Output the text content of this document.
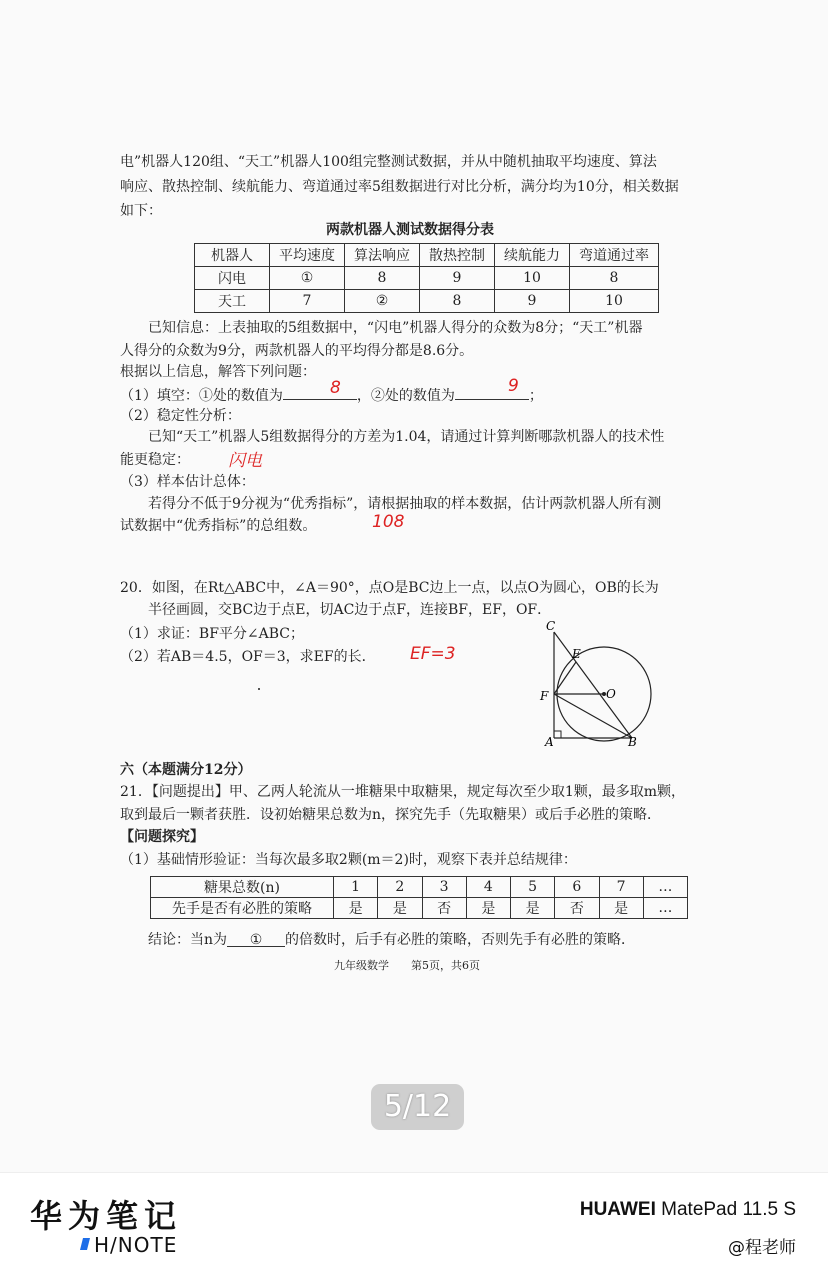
电”机器人120组、“天工”机器人100组完整测试数据，并从中随机抽取平均速度、算法
响应、散热控制、续航能力、弯道通过率5组数据进行对比分析，满分均为10分，相关数据
如下：
两款机器人测试数据得分表
机器人	平均速度	算法响应	散热控制	续航能力	弯道通过率
闪电	①	8	9	10	8
天工	7	②	8	9	10
已知信息：上表抽取的5组数据中，“闪电”机器人得分的众数为8分；“天工”机器
人得分的众数为9分，两款机器人的平均得分都是8.6分。
根据以上信息，解答下列问题：
（1）填空：①处的数值为	，②处的数值为	；
8	9
（2）稳定性分析：
已知“天工”机器人5组数据得分的方差为1.04，请通过计算判断哪款机器人的技术性
能更稳定： 闪电
（3）样本估计总体：
若得分不低于9分视为“优秀指标”，请根据抽取的样本数据，估计两款机器人所有测
试数据中“优秀指标”的总组数。	108
20．如图，在Rt△ABC中，∠A＝90°，点O是BC边上一点，以点O为圆心，OB的长为
半径画圆，交BC边于点E，切AC边于点F，连接BF，EF，OF．
（1）求证：BF平分∠ABC；
（2）若AB＝4.5，OF＝3，求EF的长． EF=3
C
E
F	O
A	B
六（本题满分12分）
21．【问题提出】甲、乙两人轮流从一堆糖果中取糖果，规定每次至少取1颗，最多取m颗，
取到最后一颗者获胜．设初始糖果总数为n，探究先手（先取糖果）或后手必胜的策略．
【问题探究】
（1）基础情形验证：当每次最多取2颗(m＝2)时，观察下表并总结规律：
糖果总数(n)	1	2	3	4	5	6	7	…
先手是否有必胜的策略	是	是	否	是	是	否	是	…
结论：当n为 ① 的倍数时，后手有必胜的策略，否则先手有必胜的策略．
九年级数学　　第5页，共6页
5/12
华为笔记
H/NOTE
HUAWEI MatePad 11.5 S
@程老师
